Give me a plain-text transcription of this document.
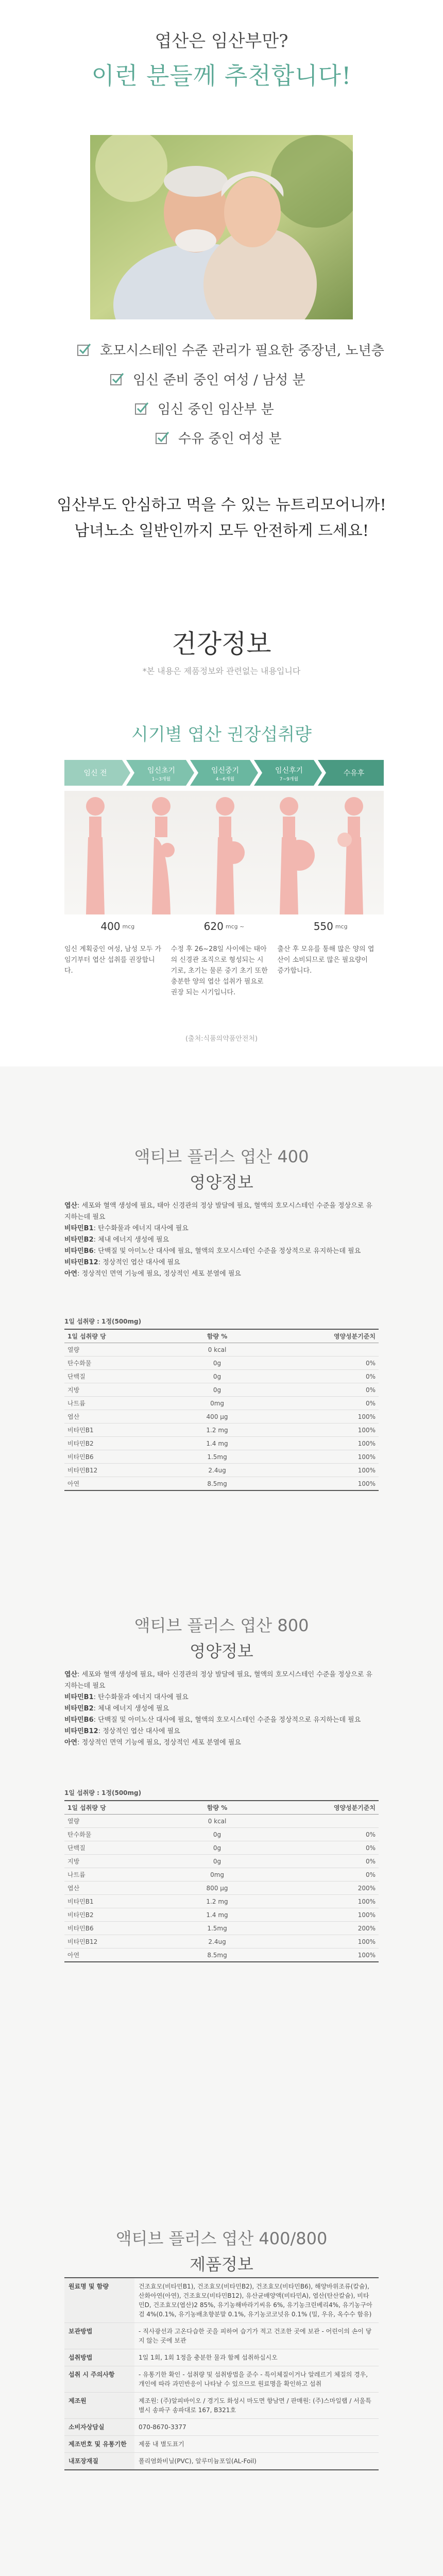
엽산은 임산부만?
이런 분들께 추천합니다!
호모시스테인 수준 관리가 필요한 중장년, 노년층
임신 준비 중인 여성 / 남성 분
임신 중인 임산부 분
수유 중인 여성 분
임산부도 안심하고 먹을 수 있는 뉴트리모어니까!
남녀노소 일반인까지 모두 안전하게 드세요!
건강정보
*본 내용은 제품정보와 관련없는 내용입니다
시기별 엽산 권장섭취량
임신 전	임신초기
1~3개월
임신중기
4~6개월
임신후기
7~9개월
수유후
400 mcg	620 mcg ~	550 mcg
임신 계획중인 여성, 남성 모두 가임기부터 엽산 섭취를 권장합니다.
수정 후 26~28일 사이에는 태아의 신경관 조직으로 형성되는 시기로, 초기는 물론 중기 초기 또한 충분한 양의 엽산 섭취가 필요로 권장 되는 시기입니다.
출산 후 모유를 통해 많은 양의 엽산이 소비되므로 많은 필요량이 증가합니다.
(출처:식품의약품안전처)
액티브 플러스 엽산 400
영양정보
엽산: 세포와 혈액 생성에 필요, 태아 신경관의 정상 발달에 필요, 혈액의 호모시스테인 수준을 정상으로 유지하는데 필요
비타민B1: 탄수화물과 에너지 대사에 필요
비타민B2: 체내 에너지 생성에 필요
비타민B6: 단백질 및 아미노산 대사에 필요, 혈액의 호모시스테인 수준을 정상적으로 유지하는데 필요
비타민B12: 정상적인 엽산 대사에 필요
아연: 정상적인 면역 기능에 필요, 정상적인 세포 분열에 필요
1일 섭취량 : 1정(500mg)
1일 섭취량 당	함량 %	영양성분기준치
열량	0 kcal	
탄수화물	0g	0%
단백질	0g	0%
지방	0g	0%
나트륨	0mg	0%
엽산	400 μg	100%
비타민B1	1.2 mg	100%
비타민B2	1.4 mg	100%
비타민B6	1.5mg	100%
비타민B12	2.4ug	100%
아연	8.5mg	100%
액티브 플러스 엽산 800
영양정보
엽산: 세포와 혈액 생성에 필요, 태아 신경관의 정상 발달에 필요, 혈액의 호모시스테인 수준을 정상으로 유지하는데 필요
비타민B1: 탄수화물과 에너지 대사에 필요
비타민B2: 체내 에너지 생성에 필요
비타민B6: 단백질 및 아미노산 대사에 필요, 혈액의 호모시스테인 수준을 정상적으로 유지하는데 필요
비타민B12: 정상적인 엽산 대사에 필요
아연: 정상적인 면역 기능에 필요, 정상적인 세포 분열에 필요
1일 섭취량 : 1정(500mg)
1일 섭취량 당	함량 %	영양성분기준치
열량	0 kcal	
탄수화물	0g	0%
단백질	0g	0%
지방	0g	0%
나트륨	0mg	0%
엽산	800 μg	200%
비타민B1	1.2 mg	100%
비타민B2	1.4 mg	100%
비타민B6	1.5mg	200%
비타민B12	2.4ug	100%
아연	8.5mg	100%
액티브 플러스 엽산 400/800
제품정보
원료명 및 함량	건조효모(비타민B1), 건조효모(비타민B2), 건조효모(비타민B6), 해양바위조류(칼슘), 산화아연(아연), 건조효모(비타민B12), 유산균배양액(비타민A), 엽산(탄산칼슘), 비타민D, 건조효모(엽산)2 85%, 유기농해바라기씨유 6%, 유기농크린베리4%, 유기농구아검 4%(0.1%, 유기농배초향분말 0.1%, 유기농코코넛유 0.1% (밀, 우유, 옥수수 함유)
보관방법	- 직사광선과 고온다습한 곳을 피하여 습기가 적고 건조한 곳에 보관 - 어린이의 손이 닿지 않는 곳에 보관
섭취방법	1일 1회, 1회 1정을 충분한 물과 함께 섭취하십시오
섭취 시 주의사항	- 유통기한 확인 - 섭취량 및 섭취방법을 준수 - 특이체질이거나 알레르기 체질의 경우, 개인에 따라 과민반응이 나타날 수 있으므로 원료명을 확인하고 섭취
제조원	제조원: (주)알피바이오 / 경기도 화성시 마도면 향남면 / 판매원: (주)스마일랩 / 서울특별시 송파구 송파대로 167, B321호
소비자상담실	070-8670-3377
제조번호 및 유통기한	제품 내 별도표기
내포장재질	폴리염화비닐(PVC), 알루미늄포일(AL-Foil)
